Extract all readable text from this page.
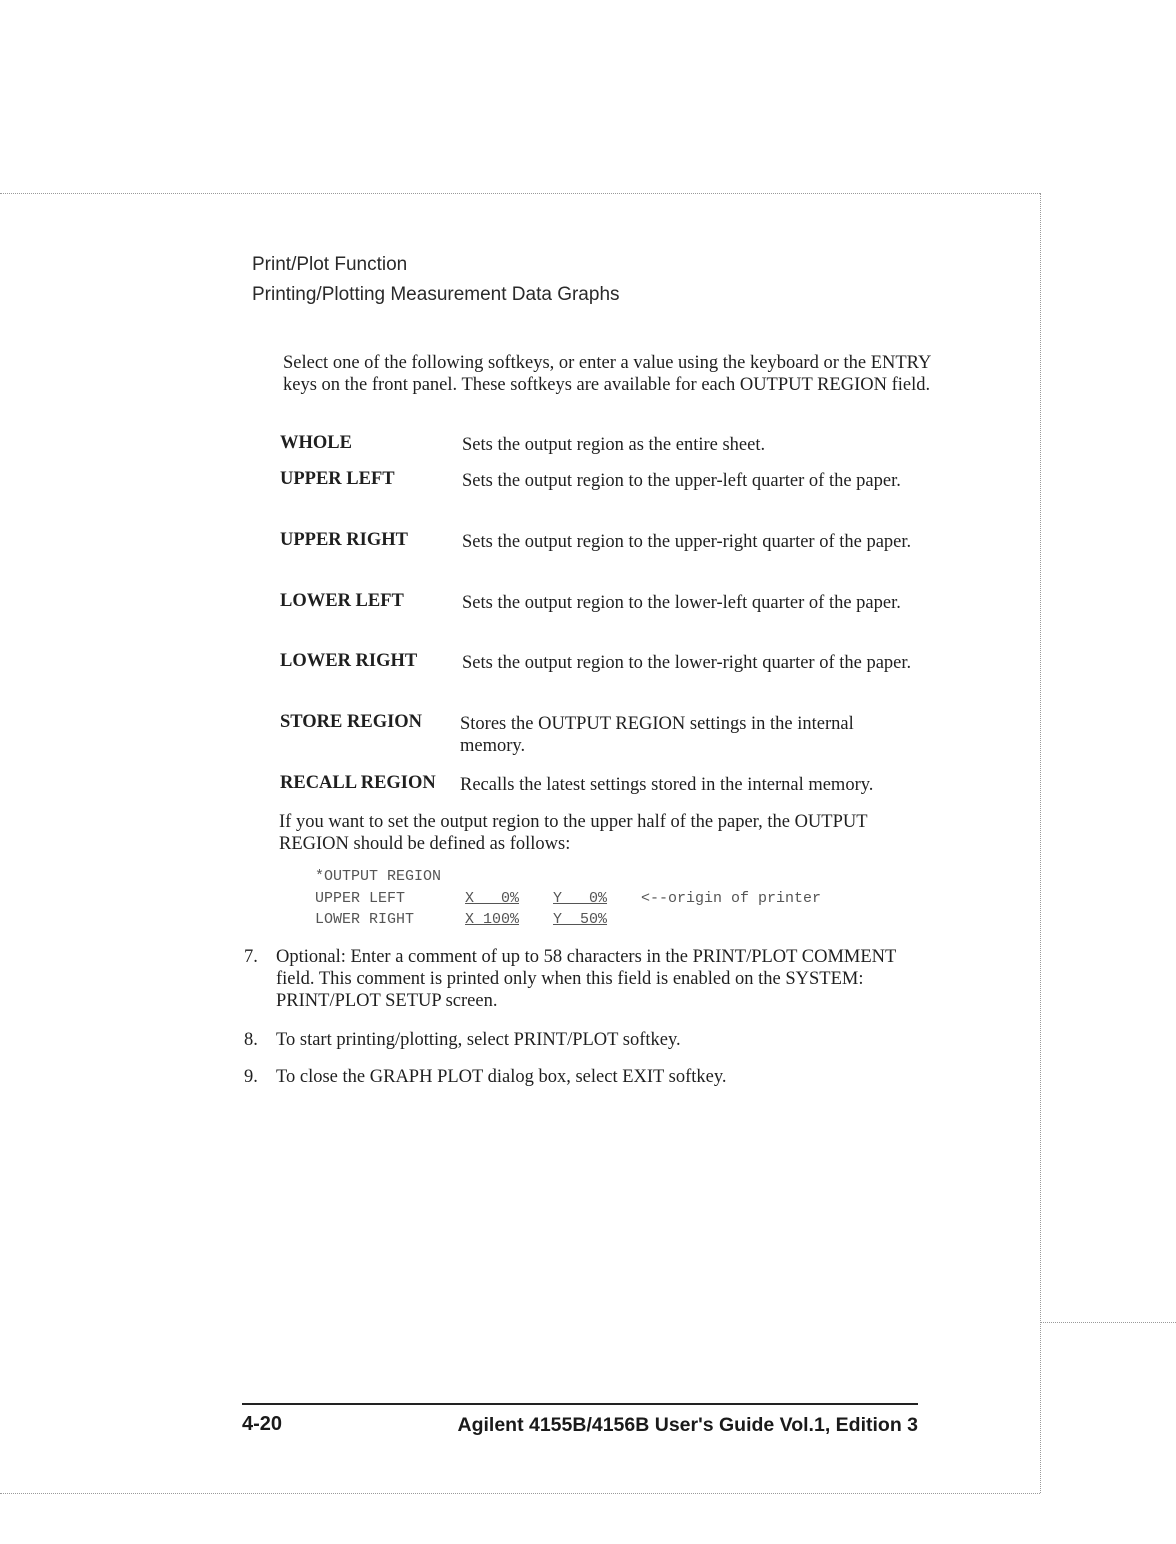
Print/Plot Function
Printing/Plotting Measurement Data Graphs
Select one of the following softkeys, or enter a value using the keyboard or the ENTRY keys on the front panel. These softkeys are available for each OUTPUT REGION field.
WHOLE	Sets the output region as the entire sheet.
UPPER LEFT	Sets the output region to the upper-left quarter of the paper.
UPPER RIGHT	Sets the output region to the upper-right quarter of the paper.
LOWER LEFT	Sets the output region to the lower-left quarter of the paper.
LOWER RIGHT Sets the output region to the lower-right quarter of the paper.
STORE REGION Stores the OUTPUT REGION settings in the internal memory.
RECALL REGION Recalls the latest settings stored in the internal memory.
If you want to set the output region to the upper half of the paper, the OUTPUT REGION should be defined as follows:
*OUTPUT REGION
UPPER LEFT	X   0% Y   0% <--origin of printer
LOWER RIGHT	X 100% Y  50%
7. Optional: Enter a comment of up to 58 characters in the PRINT/PLOT COMMENT field. This comment is printed only when this field is enabled on the SYSTEM: PRINT/PLOT SETUP screen.
8. To start printing/plotting, select PRINT/PLOT softkey.
9. To close the GRAPH PLOT dialog box, select EXIT softkey.
4-20	Agilent 4155B/4156B User's Guide Vol.1, Edition 3
